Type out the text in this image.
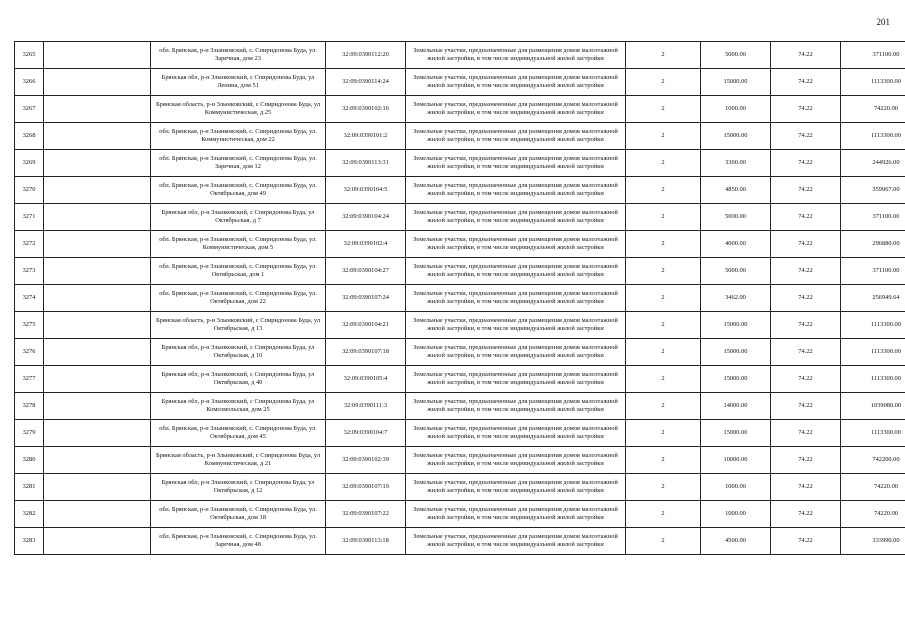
201
3265		обл. Брянская, р-н Злынковский, с. Спиридонова Буда, ул. Заречная, дом 23	32:09:0390112:20	Земельные участки, предназначенные для размещения домов малоэтажной жилой застройки, в том числе индивидуальной жилой застройки	2	5000.00	74.22	371100.00
3266		Брянская обл, р-н Злынковский, с Спиридонова Буда, ул Ленина, дом 51	32:09:0390114:24	Земельные участки, предназначенные для размещения домов малоэтажной жилой застройки, в том числе индивидуальной жилой застройки	2	15000.00	74.22	1113300.00
3267		Брянская область, р-н Злынковский, с Спиридонова Буда, ул Коммунистическая, д 25	32:09:0390102:16	Земельные участки, предназначенные для размещения домов малоэтажной жилой застройки, в том числе индивидуальной жилой застройки	2	1000.00	74.22	74220.00
3268		обл. Брянская, р-н Злынковский, с. Спиридонова Буда, ул. Коммунистическая, дом 22	32:09:0390101:2	Земельные участки, предназначенные для размещения домов малоэтажной жилой застройки, в том числе индивидуальной жилой застройки	2	15000.00	74.22	1113300.00
3269		обл. Брянская, р-н Злынковский, с. Спиридонова Буда, ул. Заречная, дом 12	32:09:0390113:31	Земельные участки, предназначенные для размещения домов малоэтажной жилой застройки, в том числе индивидуальной жилой застройки	2	3300.00	74.22	244926.00
3270		обл. Брянская, р-н Злынковский, с. Спиридонова Буда, ул. Октябрьская, дом 49	32:09:0390104:5	Земельные участки, предназначенные для размещения домов малоэтажной жилой застройки, в том числе индивидуальной жилой застройки	2	4850.00	74.22	359967.00
3271		Брянская обл, р-н Злынковский, с Спиридонова Буда, ул Октябрьская, д 7	32:09:0390104:24	Земельные участки, предназначенные для размещения домов малоэтажной жилой застройки, в том числе индивидуальной жилой застройки	2	5000.00	74.22	371100.00
3272		обл. Брянская, р-н Злынковский, с. Спиридонова Буда, ул. Коммунистическая, дом 5	32:09:0390102:4	Земельные участки, предназначенные для размещения домов малоэтажной жилой застройки, в том числе индивидуальной жилой застройки	2	4000.00	74.22	296880.00
3273		обл. Брянская, р-н Злынковский, с. Спиридонова Буда, ул. Октябрьская, дом 1	32:09:0390104:27	Земельные участки, предназначенные для размещения домов малоэтажной жилой застройки, в том числе индивидуальной жилой застройки	2	5000.00	74.22	371100.00
3274		обл. Брянская, р-н Злынковский, с. Спиридонова Буда, ул. Октябрьская, дом 22	32:09:0390107:24	Земельные участки, предназначенные для размещения домов малоэтажной жилой застройки, в том числе индивидуальной жилой застройки	2	3462.00	74.22	256949.64
3275		Брянская область, р-н Злынковский, с Спиридонова Буда, ул Октябрьская, д 13	32:09:0390104:21	Земельные участки, предназначенные для размещения домов малоэтажной жилой застройки, в том числе индивидуальной жилой застройки	2	15000.00	74.22	1113300.00
3276		Брянская обл, р-н Злынковский, с Спиридонова Буда, ул Октябрьская, д 10	32:09:0390107:18	Земельные участки, предназначенные для размещения домов малоэтажной жилой застройки, в том числе индивидуальной жилой застройки	2	15000.00	74.22	1113300.00
3277		Брянская обл, р-н Злынковский, с Спиридонова Буда, ул Октябрьская, д 40	32:09:0390105:4	Земельные участки, предназначенные для размещения домов малоэтажной жилой застройки, в том числе индивидуальной жилой застройки	2	15000.00	74.22	1113300.00
3278		Брянская обл, р-н Злынковский, с Спиридонова Буда, ул Комсомольская, дом 25	32:09:0390111:3	Земельные участки, предназначенные для размещения домов малоэтажной жилой застройки, в том числе индивидуальной жилой застройки	2	14000.00	74.22	1039080.00
3279		обл. Брянская, р-н Злынковский, с. Спиридонова Буда, ул. Октябрьская, дом 45	32:09:0390104:7	Земельные участки, предназначенные для размещения домов малоэтажной жилой застройки, в том числе индивидуальной жилой застройки	2	15000.00	74.22	1113300.00
3280		Брянская область, р-н Злынковский, с Спиридонова Буда, ул Коммунистическая, д 21	32:09:0390102:39	Земельные участки, предназначенные для размещения домов малоэтажной жилой застройки, в том числе индивидуальной жилой застройки	2	10000.00	74.22	742200.00
3281		Брянская обл, р-н Злынковский, с Спиридонова Буда, ул Октябрьская, д 12	32:09:0390107:19	Земельные участки, предназначенные для размещения домов малоэтажной жилой застройки, в том числе индивидуальной жилой застройки	2	1000.00	74.22	74220.00
3282		обл. Брянская, р-н Злынковский, с. Спиридонова Буда, ул. Октябрьская, дом 18	32:09:0390107:22	Земельные участки, предназначенные для размещения домов малоэтажной жилой застройки, в том числе индивидуальной жилой застройки	2	1000.00	74.22	74220.00
3283		обл. Брянская, р-н Злынковский, с. Спиридонова Буда, ул. Заречная, дом 48	32:09:0390113:18	Земельные участки, предназначенные для размещения домов малоэтажной жилой застройки, в том числе индивидуальной жилой застройки	2	4500.00	74.22	333990.00
